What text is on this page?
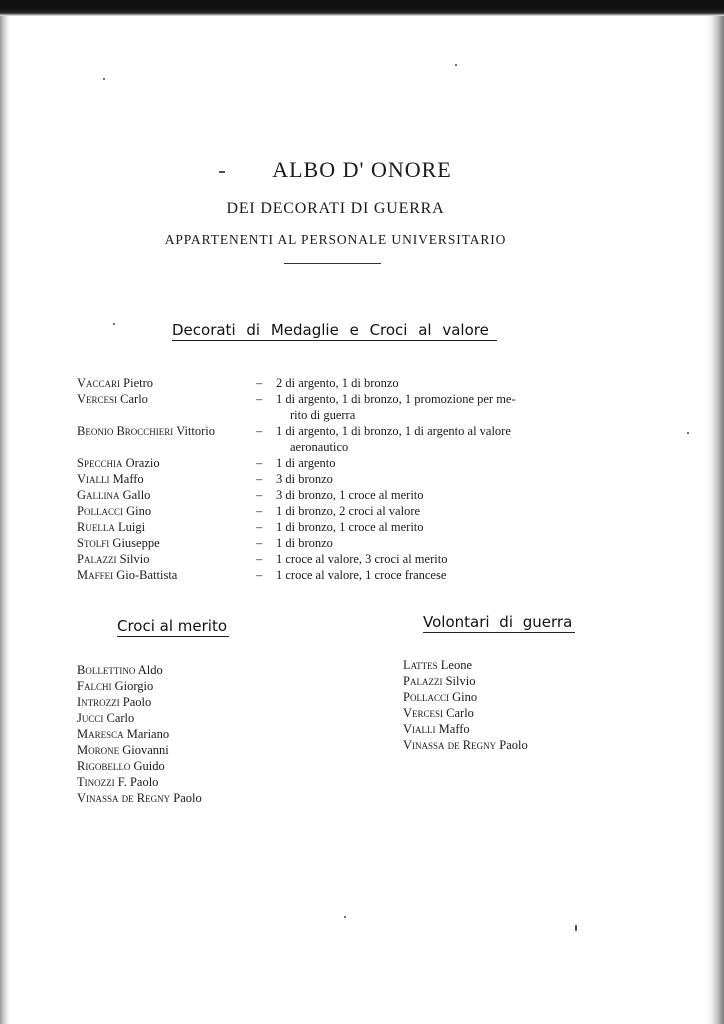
ALBO D' ONORE
DEI DECORATI DI GUERRA
APPARTENENTI AL PERSONALE UNIVERSITARIO
Decorati di Medaglie e Croci al valore
Vaccari Pietro	– 2 di argento, 1 di bronzo
Vercesi Carlo	– 1 di argento, 1 di bronzo, 1 promozione per me-
rito di guerra
Beonio Brocchieri Vittorio	– 1 di argento, 1 di bronzo, 1 di argento al valore
aeronautico
Specchia Orazio	– 1 di argento
Vialli Maffo	– 3 di bronzo
Gallina Gallo	– 3 di bronzo, 1 croce al merito
Pollacci Gino	– 1 di bronzo, 2 croci al valore
Ruella Luigi	– 1 di bronzo, 1 croce al merito
Stolfi Giuseppe	– 1 di bronzo
Palazzi Silvio	– 1 croce al valore, 3 croci al merito
Maffei Gio-Battista	– 1 croce al valore, 1 croce francese
Croci al merito	Volontari di guerra
Bollettino Aldo
Falchi Giorgio
Introzzi Paolo
Jucci Carlo
Maresca Mariano
Morone Giovanni
Rigobello Guido
Tinozzi F. Paolo
Vinassa de Regny Paolo
Lattes Leone
Palazzi Silvio
Pollacci Gino
Vercesi Carlo
Vialli Maffo
Vinassa de Regny Paolo
